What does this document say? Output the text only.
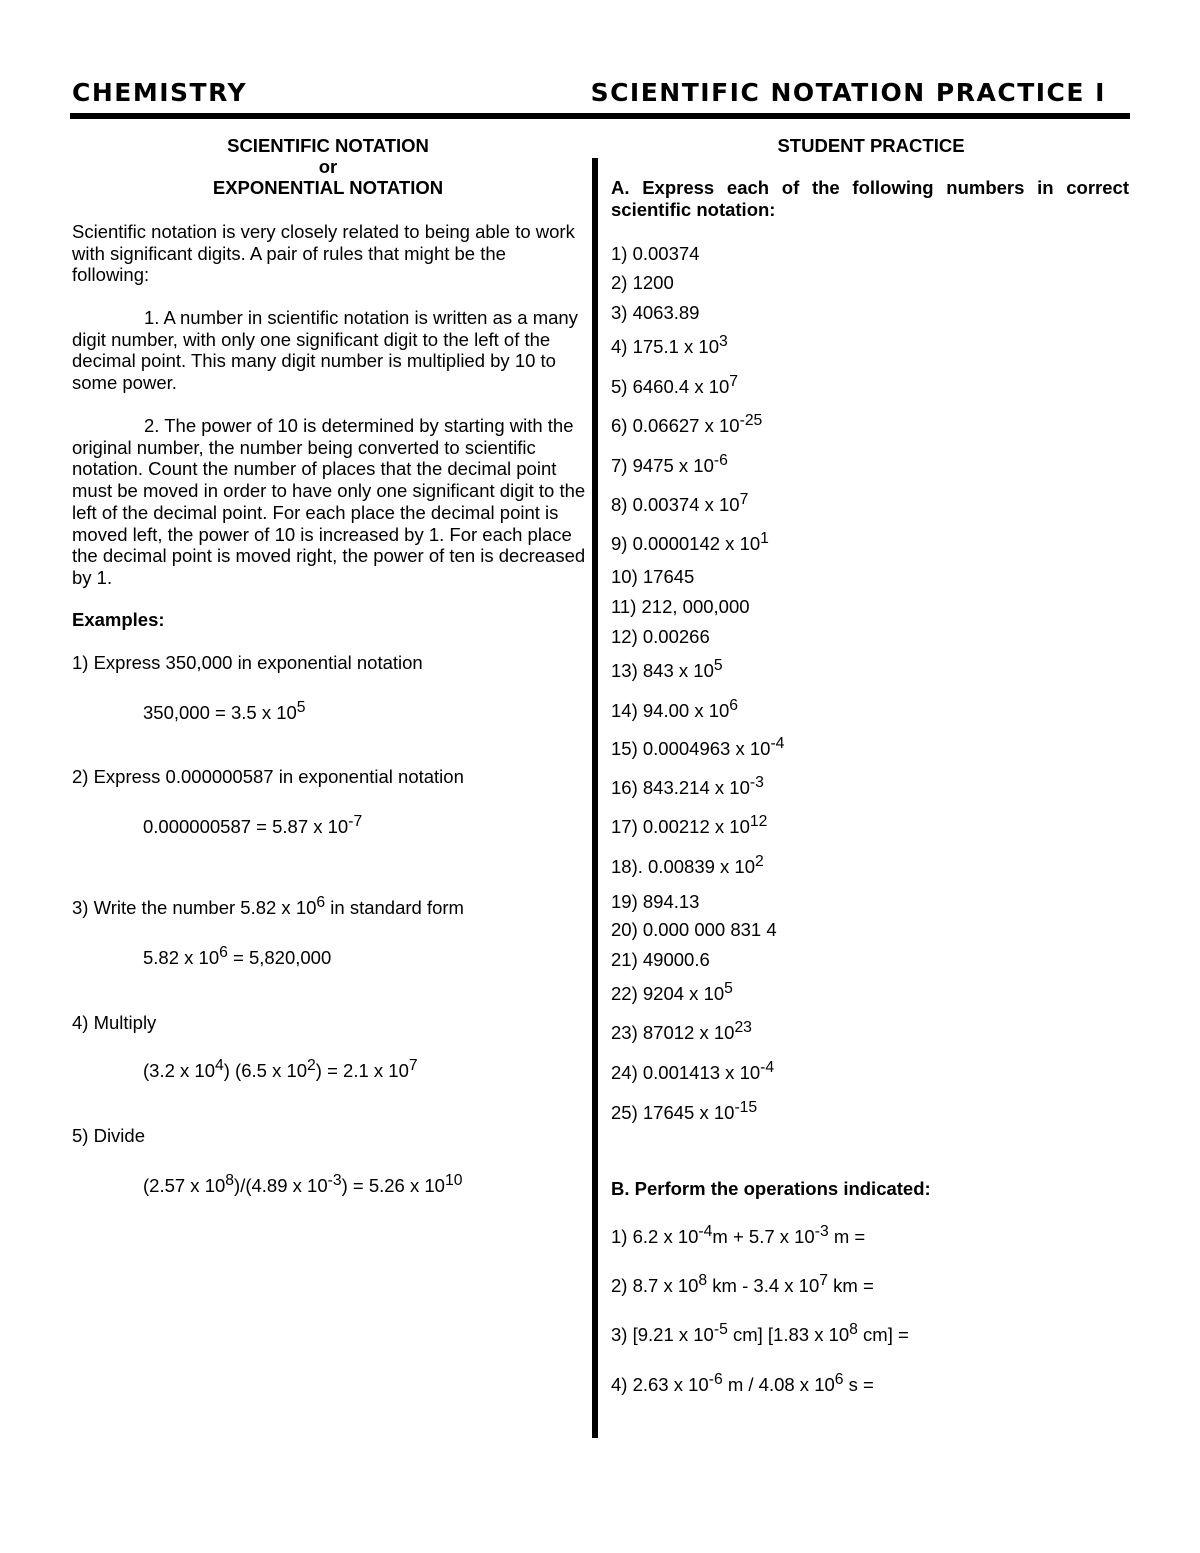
CHEMISTRY	SCIENTIFIC NOTATION PRACTICE I
SCIENTIFIC NOTATION
or
EXPONENTIAL NOTATION
Scientific notation is very closely related to being able to work with significant digits. A pair of rules that might be the following:
1. A number in scientific notation is written as a many digit number, with only one significant digit to the left of the decimal point. This many digit number is multiplied by 10 to some power.
2. The power of 10 is determined by starting with the original number, the number being converted to scientific notation. Count the number of places that the decimal point must be moved in order to have only one significant digit to the left of the decimal point. For each place the decimal point is moved left, the power of 10 is increased by 1. For each place the decimal point is moved right, the power of ten is decreased by 1.
Examples:
1) Express 350,000 in exponential notation
350,000 = 3.5 x $10^5$
2) Express 0.000000587 in exponential notation
0.000000587 = 5.87 x $10^{-7}$
3) Write the number 5.82 x $10^6$ in standard form
5.82 x $10^6 = 5,820,000$
4) Multiply
(3.2 x $10^4$) (6.5 x $10^2) = 2.1$ x $10^7$
5) Divide
(2.57 x $10^8)/(4.89$ x $10^{-3}) = 5.26$ x $10^{10}$
STUDENT PRACTICE
A. Express each of the following numbers in correct
scientific notation:
1) 0.00374
2) 1200
3) 4063.89
4) 175.1 x $10^3$
5) 6460.4 x $10^7$
6) 0.06627 x $10^{-25}$
7) 9475 x $10^{-6}$
8) 0.00374 x $10^7$
9) 0.0000142 x $10^1$
10) 17645
11) 212, 000,000
12) 0.00266
13) 843 x $10^5$
14) 94.00 x $10^6$
15) 0.0004963 x $10^{-4}$
16) 843.214 x $10^{-3}$
17) 0.00212 x $10^{12}$
18). 0.00839 x $10^2$
19) 894.13
20) 0.000 000 831 4
21) 49000.6
22) 9204 x $10^5$
23) 87012 x $10^{23}$
24) 0.001413 x $10^{-4}$
25) 17645 x $10^{-15}$
B. Perform the operations indicated:
1) 6.2 x $10^{-4}m + 5.7$ x $10^{-3}$ m =
2) 8.7 x $10^8$ km - 3.4 x $10^7$ km =
3) [9.21 x $10^{-5}$ cm] [1.83 x $10^8$ cm] =
4) 2.63 x $10^{-6}$ m / 4.08 x $10^6$ s =
